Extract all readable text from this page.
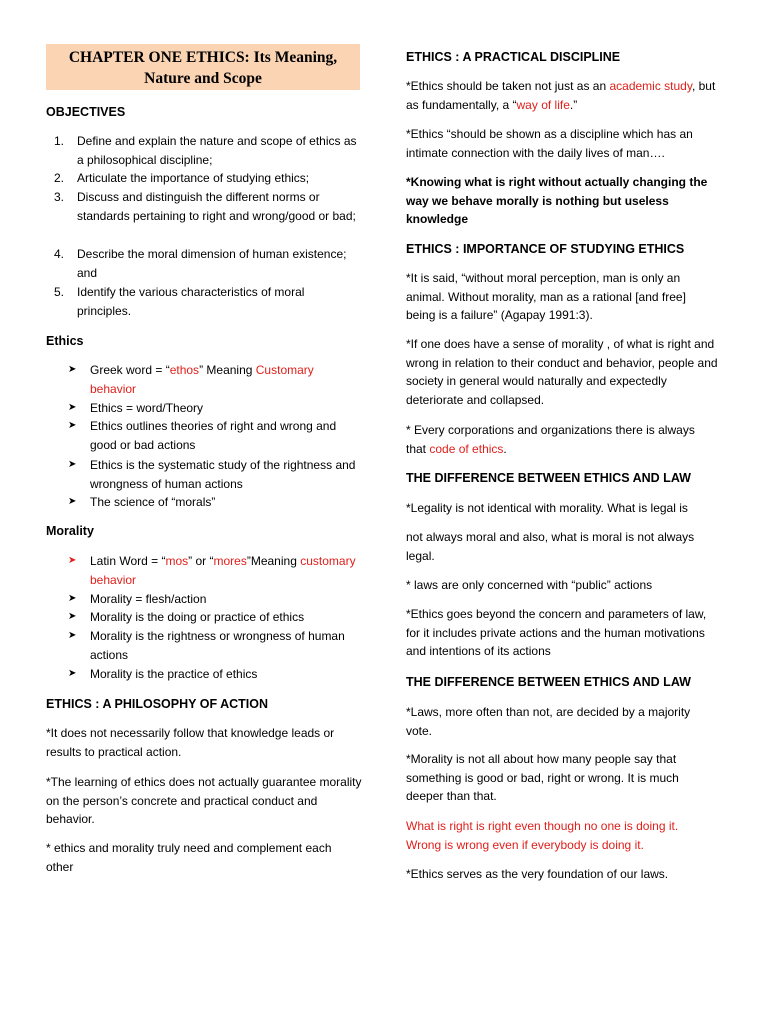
CHAPTER ONE ETHICS: Its Meaning,
Nature and Scope
OBJECTIVES
1. Define and explain the nature and scope of ethics as a philosophical discipline;
2. Articulate the importance of studying ethics;
3. Discuss and distinguish the different norms or standards pertaining to right and wrong/good or bad;
4. Describe the moral dimension of human existence; and
5. Identify the various characteristics of moral principles.
Ethics
➤ Greek word = “ethos” Meaning Customary behavior
➤ Ethics = word/Theory
➤ Ethics outlines theories of right and wrong and good or bad actions
➤ Ethics is the systematic study of the rightness and wrongness of human actions
➤ The science of “morals”
Morality
➤ Latin Word = “mos” or “mores”Meaning customary behavior
➤ Morality = flesh/action
➤ Morality is the doing or practice of ethics
➤ Morality is the rightness or wrongness of human actions
➤ Morality is the practice of ethics
ETHICS : A PHILOSOPHY OF ACTION

*It does not necessarily follow that knowledge leads or results to practical action.

*The learning of ethics does not actually guarantee morality on the person’s concrete and practical conduct and behavior.

* ethics and morality truly need and complement each other

ETHICS : A PRACTICAL DISCIPLINE

*Ethics should be taken not just as an academic study, but as fundamentally, a “way of life.”

*Ethics “should be shown as a discipline which has an intimate connection with the daily lives of man….

*Knowing what is right without actually changing the way we behave morally is nothing but useless knowledge

ETHICS : IMPORTANCE OF STUDYING ETHICS

*It is said, “without moral perception, man is only an animal. Without morality, man as a rational [and free] being is a failure” (Agapay 1991:3).

*If one does have a sense of morality , of what is right and wrong in relation to their conduct and behavior, people and society in general would naturally and expectedly deteriorate and collapsed.

* Every corporations and organizations there is always that code of ethics.

THE DIFFERENCE BETWEEN ETHICS AND LAW

*Legality is not identical with morality. What is legal is

not always moral and also, what is moral is not always legal.

* laws are only concerned with “public” actions

*Ethics goes beyond the concern and parameters of law, for it includes private actions and the human motivations and intentions of its actions

THE DIFFERENCE BETWEEN ETHICS AND LAW

*Laws, more often than not, are decided by a majority vote.

*Morality is not all about how many people say that something is good or bad, right or wrong. It is much deeper than that.

What is right is right even though no one is doing it. Wrong is wrong even if everybody is doing it.

*Ethics serves as the very foundation of our laws.
